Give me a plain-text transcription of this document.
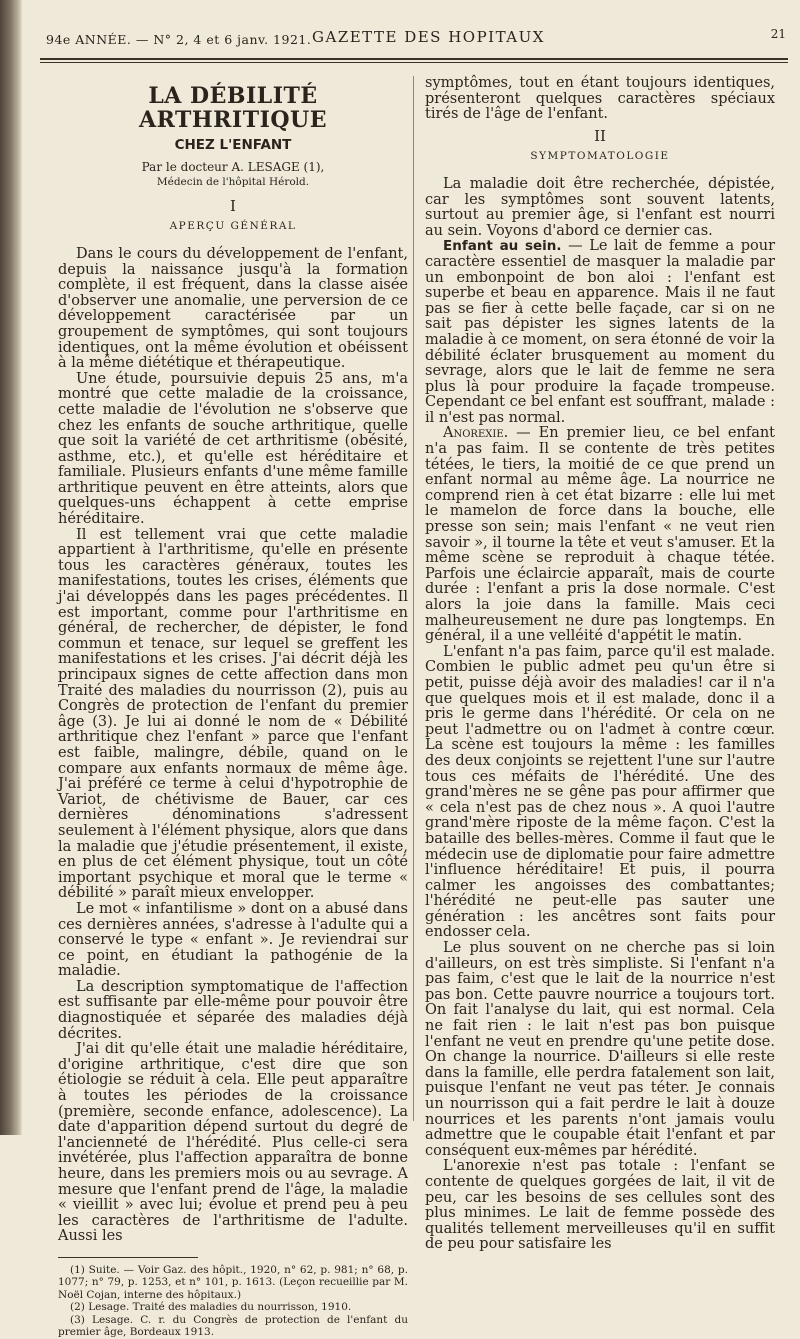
94e ANNÉE. — N° 2, 4 et 6 janv. 1921. GAZETTE DES HOPITAUX	21
LA DÉBILITÉ ARTHRITIQUE
CHEZ L'ENFANT
Par le docteur A. LESAGE (1),
Médecin de l'hôpital Hérold.
I
APERÇU GÉNÉRAL

Dans le cours du développement de l'enfant, depuis la naissance jusqu'à la formation complète, il est fréquent, dans la classe aisée d'observer une anomalie, une perversion de ce développement caractérisée par un groupement de symptômes, qui sont toujours identiques, ont la même évolution et obéissent à la même diététique et thérapeutique.

Une étude, poursuivie depuis 25 ans, m'a montré que cette maladie de la croissance, cette maladie de l'évolution ne s'observe que chez les enfants de souche arthritique, quelle que soit la variété de cet arthritisme (obésité, asthme, etc.), et qu'elle est héréditaire et familiale. Plusieurs enfants d'une même famille arthritique peuvent en être atteints, alors que quelques-uns échappent à cette emprise héréditaire.

Il est tellement vrai que cette maladie appartient à l'arthritisme, qu'elle en présente tous les caractères généraux, toutes les manifestations, toutes les crises, éléments que j'ai développés dans les pages précédentes. Il est important, comme pour l'arthritisme en général, de rechercher, de dépister, le fond commun et tenace, sur lequel se greffent les manifestations et les crises. J'ai décrit déjà les principaux signes de cette affection dans mon Traité des maladies du nourrisson (2), puis au Congrès de protection de l'enfant du premier âge (3). Je lui ai donné le nom de « Débilité arthritique chez l'enfant » parce que l'enfant est faible, malingre, débile, quand on le compare aux enfants normaux de même âge. J'ai préféré ce terme à celui d'hypotrophie de Variot, de chétivisme de Bauer, car ces dernières dénominations s'adressent seulement à l'élément physique, alors que dans la maladie que j'étudie présentement, il existe, en plus de cet élément physique, tout un côté important psychique et moral que le terme « débilité » paraît mieux envelopper.

Le mot « infantilisme » dont on a abusé dans ces dernières années, s'adresse à l'adulte qui a conservé le type « enfant ». Je reviendrai sur ce point, en étudiant la pathogénie de la maladie.

La description symptomatique de l'affection est suffisante par elle-même pour pouvoir être diagnostiquée et séparée des maladies déjà décrites.

J'ai dit qu'elle était une maladie héréditaire, d'origine arthritique, c'est dire que son étiologie se réduit à cela. Elle peut apparaître à toutes les périodes de la croissance (première, seconde enfance, adolescence). La date d'apparition dépend surtout du degré de l'ancienneté de l'hérédité. Plus celle-ci sera invétérée, plus l'affection apparaîtra de bonne heure, dans les premiers mois ou au sevrage. A mesure que l'enfant prend de l'âge, la maladie « vieillit » avec lui; évolue et prend peu à peu les caractères de l'arthritisme de l'adulte. Aussi les

(1) Suite. — Voir Gaz. des hôpit., 1920, n° 62, p. 981; n° 68, p. 1077; n° 79, p. 1253, et n° 101, p. 1613. (Leçon recueillie par M. Noël Cojan, interne des hôpitaux.)

(2) Lesage. Traité des maladies du nourrisson, 1910.

(3) Lesage. C. r. du Congrès de protection de l'enfant du premier âge, Bordeaux 1913.

symptômes, tout en étant toujours identiques, présenteront quelques caractères spéciaux tirés de l'âge de l'enfant.

II
SYMPTOMATOLOGIE

La maladie doit être recherchée, dépistée, car les symptômes sont souvent latents, surtout au premier âge, si l'enfant est nourri au sein. Voyons d'abord ce dernier cas.

Enfant au sein. — Le lait de femme a pour caractère essentiel de masquer la maladie par un embonpoint de bon aloi : l'enfant est superbe et beau en apparence. Mais il ne faut pas se fier à cette belle façade, car si on ne sait pas dépister les signes latents de la maladie à ce moment, on sera étonné de voir la débilité éclater brusquement au moment du sevrage, alors que le lait de femme ne sera plus là pour produire la façade trompeuse. Cependant ce bel enfant est souffrant, malade : il n'est pas normal.

Anorexie. — En premier lieu, ce bel enfant n'a pas faim. Il se contente de très petites tétées, le tiers, la moitié de ce que prend un enfant normal au même âge. La nourrice ne comprend rien à cet état bizarre : elle lui met le mamelon de force dans la bouche, elle presse son sein; mais l'enfant « ne veut rien savoir », il tourne la tête et veut s'amuser. Et la même scène se reproduit à chaque tétée. Parfois une éclaircie apparaît, mais de courte durée : l'enfant a pris la dose normale. C'est alors la joie dans la famille. Mais ceci malheureusement ne dure pas longtemps. En général, il a une velléité d'appétit le matin.

L'enfant n'a pas faim, parce qu'il est malade. Combien le public admet peu qu'un être si petit, puisse déjà avoir des maladies! car il n'a que quelques mois et il est malade, donc il a pris le germe dans l'hérédité. Or cela on ne peut l'admettre ou on l'admet à contre cœur. La scène est toujours la même : les familles des deux conjoints se rejettent l'une sur l'autre tous ces méfaits de l'hérédité. Une des grand'mères ne se gêne pas pour affirmer que « cela n'est pas de chez nous ». A quoi l'autre grand'mère riposte de la même façon. C'est la bataille des belles-mères. Comme il faut que le médecin use de diplomatie pour faire admettre l'influence héréditaire! Et puis, il pourra calmer les angoisses des combattantes; l'hérédité ne peut-elle pas sauter une génération : les ancêtres sont faits pour endosser cela.

Le plus souvent on ne cherche pas si loin d'ailleurs, on est très simpliste. Si l'enfant n'a pas faim, c'est que le lait de la nourrice n'est pas bon. Cette pauvre nourrice a toujours tort. On fait l'analyse du lait, qui est normal. Cela ne fait rien : le lait n'est pas bon puisque l'enfant ne veut en prendre qu'une petite dose. On change la nourrice. D'ailleurs si elle reste dans la famille, elle perdra fatalement son lait, puisque l'enfant ne veut pas téter. Je connais un nourrisson qui a fait perdre le lait à douze nourrices et les parents n'ont jamais voulu admettre que le coupable était l'enfant et par conséquent eux-mêmes par hérédité.

L'anorexie n'est pas totale : l'enfant se contente de quelques gorgées de lait, il vit de peu, car les besoins de ses cellules sont des plus minimes. Le lait de femme possède des qualités tellement merveilleuses qu'il en suffit de peu pour satisfaire les
